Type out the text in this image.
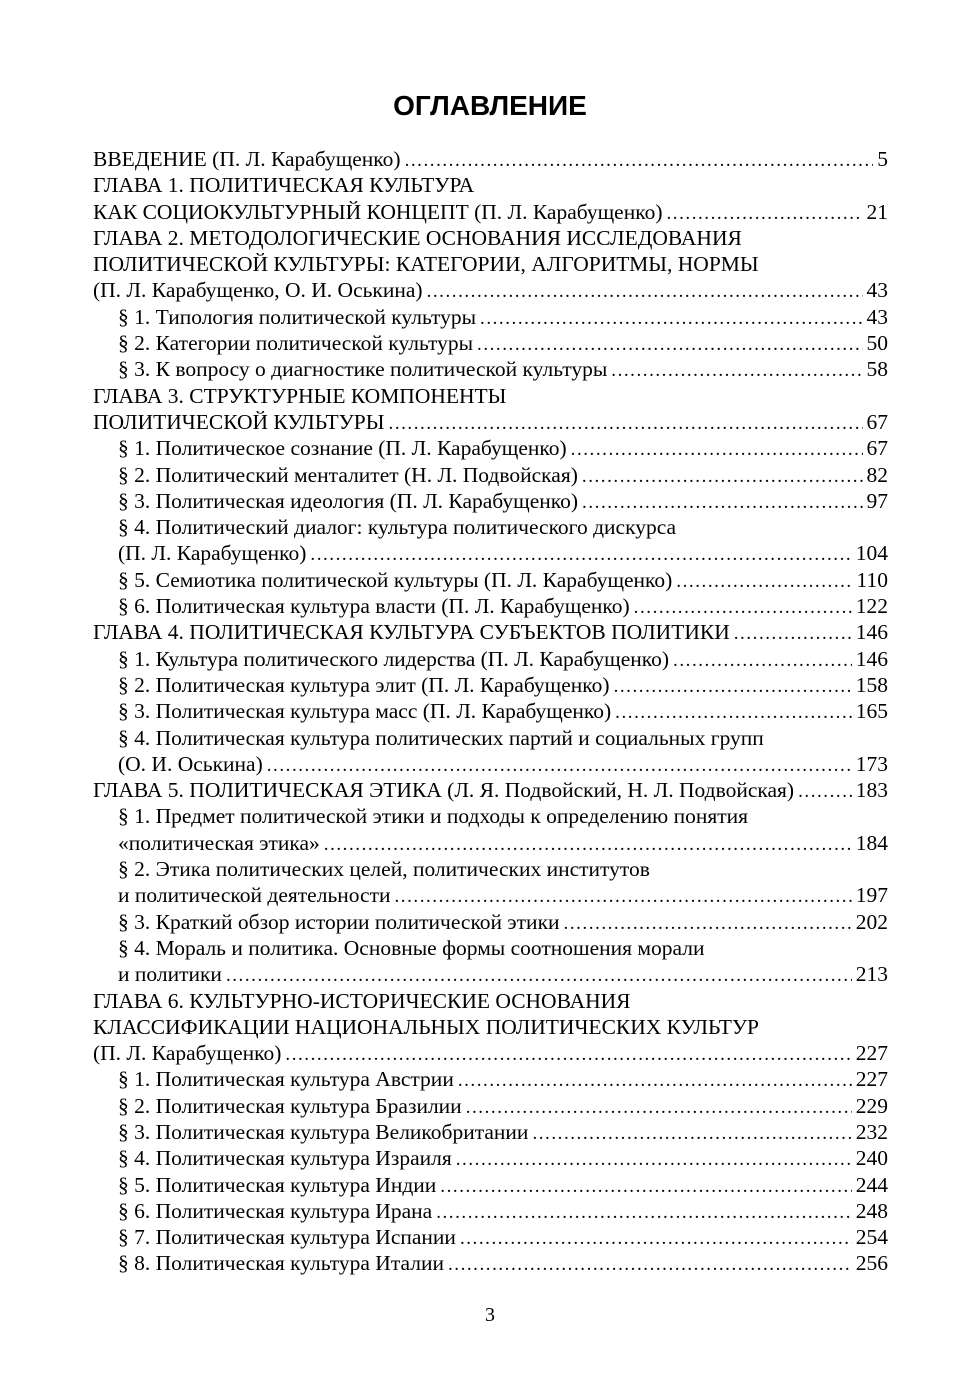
ОГЛАВЛЕНИЕ
ВВЕДЕНИЕ (П. Л. Карабущенко) . . .	5
ГЛАВА 1. ПОЛИТИЧЕСКАЯ КУЛЬТУРА
КАК СОЦИОКУЛЬТУРНЫЙ КОНЦЕПТ (П. Л. Карабущенко) . . .	21
ГЛАВА 2. МЕТОДОЛОГИЧЕСКИЕ ОСНОВАНИЯ ИССЛЕДОВАНИЯ
ПОЛИТИЧЕСКОЙ КУЛЬТУРЫ: КАТЕГОРИИ, АЛГОРИТМЫ, НОРМЫ
(П. Л. Карабущенко, О. И. Оськина) . . .	43
§ 1. Типология политической культуры . . .	43
§ 2. Категории политической культуры . . .	50
§ 3. К вопросу о диагностике политической культуры . . .	58
ГЛАВА 3. СТРУКТУРНЫЕ КОМПОНЕНТЫ
ПОЛИТИЧЕСКОЙ КУЛЬТУРЫ . . .	67
§ 1. Политическое сознание (П. Л. Карабущенко) . . .	67
§ 2. Политический менталитет (Н. Л. Подвойская) . . .	82
§ 3. Политическая идеология (П. Л. Карабущенко) . . .	97
§ 4. Политический диалог: культура политического дискурса
(П. Л. Карабущенко) . . .	104
§ 5. Семиотика политической культуры (П. Л. Карабущенко) . . .	110
§ 6. Политическая культура власти (П. Л. Карабущенко) . . .	122
ГЛАВА 4. ПОЛИТИЧЕСКАЯ КУЛЬТУРА СУБЪЕКТОВ ПОЛИТИКИ . . .	146
§ 1. Культура политического лидерства (П. Л. Карабущенко) . . .	146
§ 2. Политическая культура элит (П. Л. Карабущенко) . . .	158
§ 3. Политическая культура масс (П. Л. Карабущенко) . . .	165
§ 4. Политическая культура политических партий и социальных групп
(О. И. Оськина) . . .	173
ГЛАВА 5. ПОЛИТИЧЕСКАЯ ЭТИКА (Л. Я. Подвойский, Н. Л. Подвойская) . . .	183
§ 1. Предмет политической этики и подходы к определению понятия
«политическая этика» . . .	184
§ 2. Этика политических целей, политических институтов
и политической деятельности . . .	197
§ 3. Краткий обзор истории политической этики . . .	202
§ 4. Мораль и политика. Основные формы соотношения морали
и политики . . .	213
ГЛАВА 6. КУЛЬТУРНО-ИСТОРИЧЕСКИЕ ОСНОВАНИЯ
КЛАССИФИКАЦИИ НАЦИОНАЛЬНЫХ ПОЛИТИЧЕСКИХ КУЛЬТУР
(П. Л. Карабущенко) . . .	227
§ 1. Политическая культура Австрии . . .	227
§ 2. Политическая культура Бразилии . . .	229
§ 3. Политическая культура Великобритании . . .	232
§ 4. Политическая культура Израиля . . .	240
§ 5. Политическая культура Индии . . .	244
§ 6. Политическая культура Ирана . . .	248
§ 7. Политическая культура Испании . . .	254
§ 8. Политическая культура Италии . . .	256
3
